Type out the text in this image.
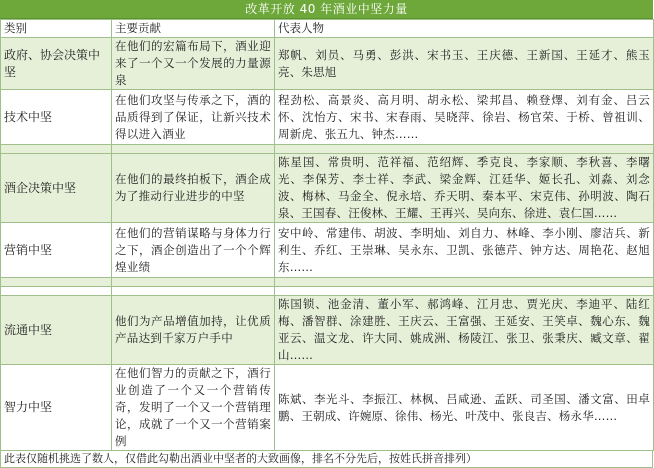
改革开放 40 年酒业中坚力量
类别	主要贡献	代表人物
政府、协会决策中坚	在他们的宏篇布局下，酒业迎来了一个又一个发展的力量源泉	郑帆、刘员、马勇、彭洪、宋书玉、王庆德、王新国、王延才、熊玉亮、朱思旭
技术中坚	在他们攻坚与传承之下，酒的品质得到了保证，让新兴技术得以进入酒业	程劲松、高景炎、高月明、胡永松、梁邦昌、赖登燡、刘有金、吕云怀、沈怡方、宋书、宋春雨、吴晓萍、徐岩、杨官荣、于桥、曾祖训、周新虎、张五九、钟杰……

酒企决策中坚	在他们的最终拍板下，酒企成为了推动行业进步的中坚	陈星国、常贵明、范祥福、范绍辉、季克良、李家顺、李秋喜、李曙光、李保芳、李士祥、李武、梁金辉、江廷华、姬长孔、刘淼、刘念波、梅林、马金全、倪永培、乔天明、秦本平、宋克伟、孙明波、陶石泉、王国春、汪俊林、王耀、王再兴、吴向东、徐进、袁仁国……
营销中坚	在他们的营销谋略与身体力行之下，酒企创造出了一个个辉煌业绩	安中岭、常建伟、胡波、李明灿、刘自力、林峰、李小刚、廖洁兵、新利生、乔红、王崇琳、吴永东、卫凯、张德芹、钟方达、周艳花、赵旭东……

流通中坚	他们为产品增值加持，让优质产品达到千家万户手中	陈国锁、池金清、董小军、郝鸿峰、江月忠、贾光庆、李迪平、陆红梅、潘智群、涂建胜、王庆云、王富强、王延安、王笑卓、魏心东、魏亚云、温文龙、许大同、姚成洲、杨陵江、张卫、张秉庆、臧文章、翟山……
智力中坚	在他们智力的贡献之下，酒行业创造了一个又一个营销传奇，发明了一个又一个营销理论，成就了一个又一个营销案例	陈斌、李光斗、李振江、林枫、吕咸逊、孟跃、司圣国、潘文富、田卓鹏、王朝成、许婉原、徐伟、杨光、叶茂中、张良吉、杨永华……
此表仅随机挑选了数人，仅借此勾勒出酒业中坚者的大致画像，排名不分先后，按姓氏拼音排列）
